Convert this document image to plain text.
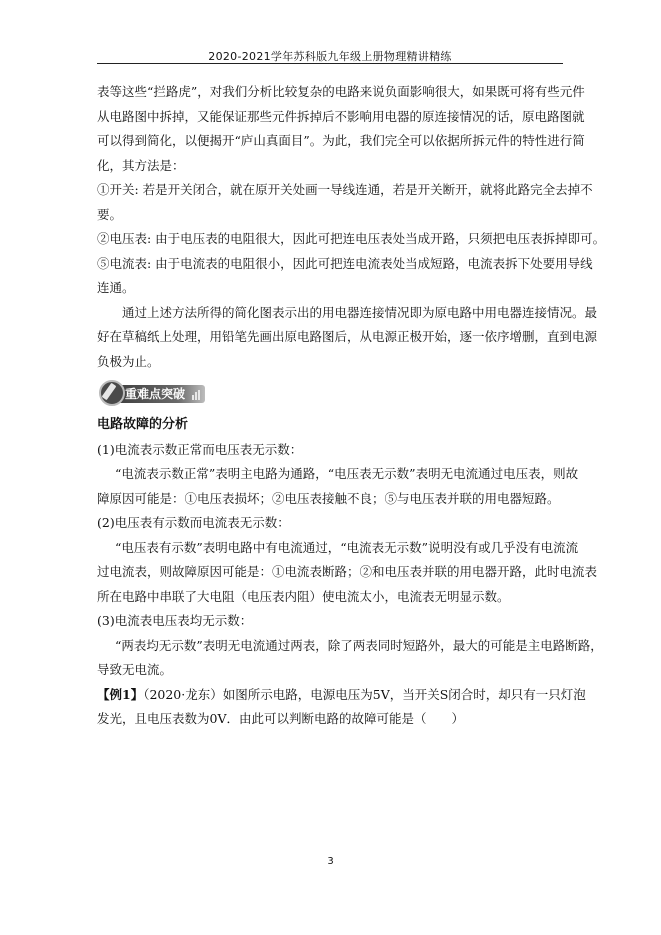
2020-2021学年苏科版九年级上册物理精讲精练
表等这些“拦路虎”，对我们分析比较复杂的电路来说负面影响很大，如果既可将有些元件
从电路图中拆掉，又能保证那些元件拆掉后不影响用电器的原连接情况的话，原电路图就
可以得到简化，以便揭开“庐山真面目”。为此，我们完全可以依据所拆元件的特性进行简
化，其方法是：
①开关: 若是开关闭合，就在原开关处画一导线连通，若是开关断开，就将此路完全去掉不
要。
②电压表: 由于电压表的电阻很大，因此可把连电压表处当成开路，只须把电压表拆掉即可。
⑤电流表: 由于电流表的电阻很小，因此可把连电流表处当成短路，电流表拆下处要用导线
连通。
通过上述方法所得的简化图表示出的用电器连接情况即为原电路中用电器连接情况。最
好在草稿纸上处理，用铅笔先画出原电路图后，从电源正极开始，逐一依序增删，直到电源
负极为止。
重难点突破
电路故障的分析
(1)电流表示数正常而电压表无示数：
“电流表示数正常”表明主电路为通路，“电压表无示数”表明无电流通过电压表，则故
障原因可能是：①电压表损坏；②电压表接触不良；⑤与电压表并联的用电器短路。
(2)电压表有示数而电流表无示数：
“电压表有示数”表明电路中有电流通过，“电流表无示数”说明没有或几乎没有电流流
过电流表，则故障原因可能是：①电流表断路；②和电压表并联的用电器开路，此时电流表
所在电路中串联了大电阻（电压表内阻）使电流太小，电流表无明显示数。
(3)电流表电压表均无示数：
“两表均无示数”表明无电流通过两表，除了两表同时短路外，最大的可能是主电路断路，
导致无电流。
【例1】（2020·龙东）如图所示电路，电源电压为5V，当开关S闭合时，却只有一只灯泡
发光，且电压表数为0V．由此可以判断电路的故障可能是（　　）
3
